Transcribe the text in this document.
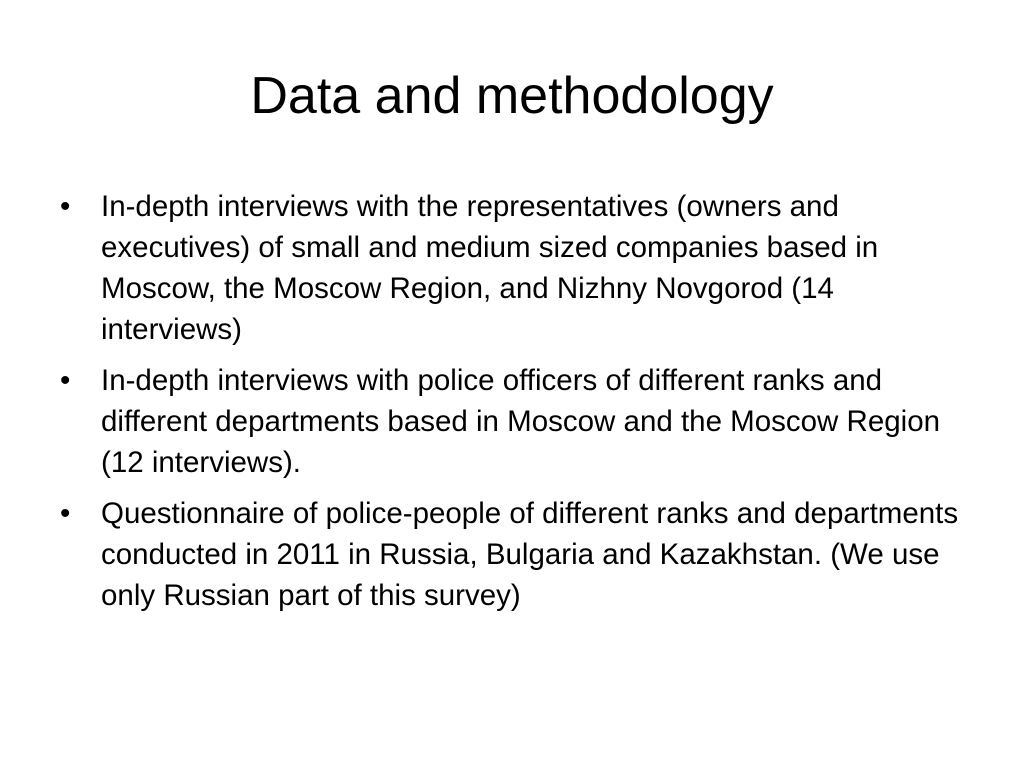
Data and methodology
•	In-depth interviews with the representatives (owners and executives) of small and medium sized companies based in Moscow, the Moscow Region, and Nizhny Novgorod (14 interviews)
•	In-depth interviews with police officers of different ranks and different departments based in Moscow and the Moscow Region (12 interviews).
•	Questionnaire of police-people of different ranks and departments conducted in 2011 in Russia, Bulgaria and Kazakhstan. (We use only Russian part of this survey)
